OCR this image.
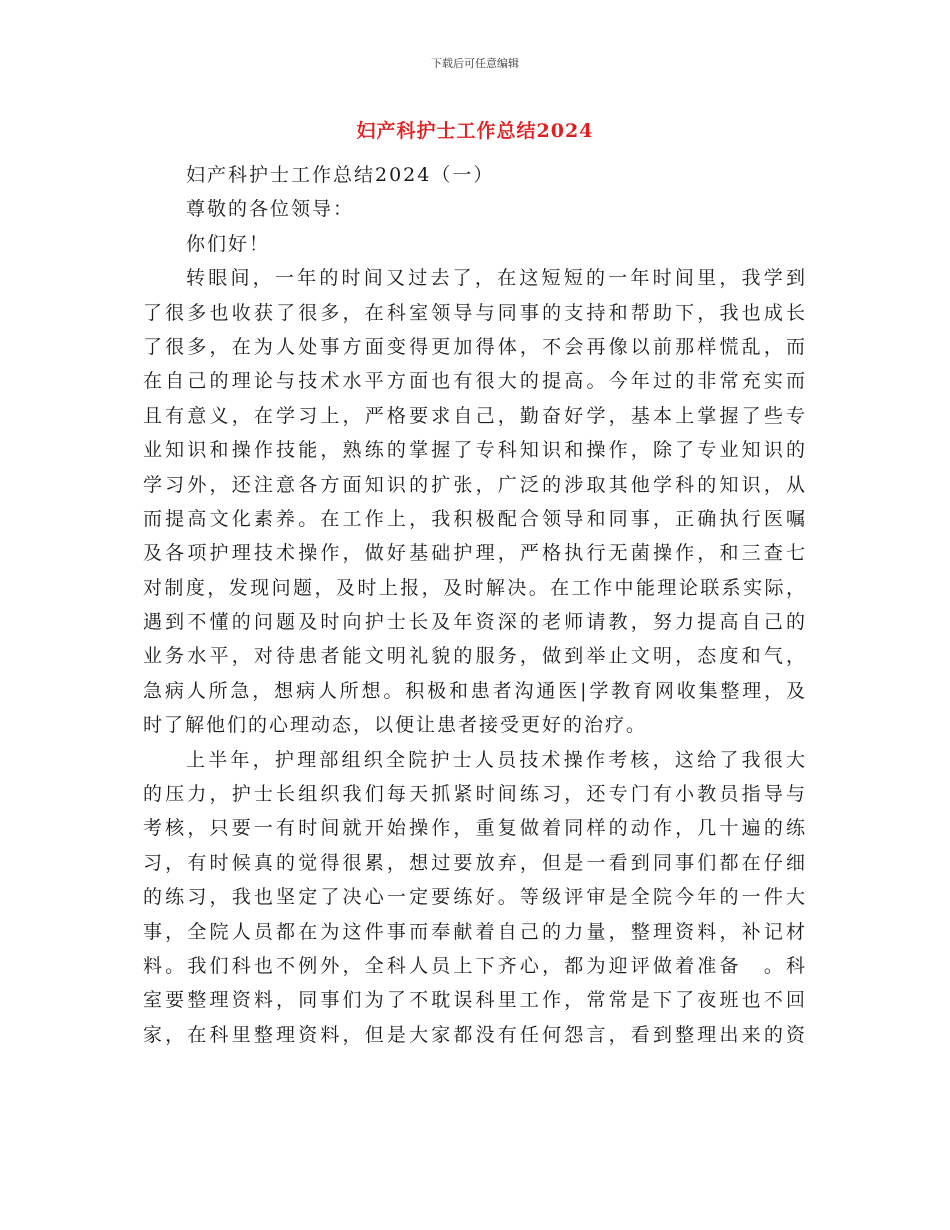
下载后可任意编辑
妇产科护士工作总结2024
妇产科护士工作总结2024（一）
尊敬的各位领导：
你们好！
转眼间，一年的时间又过去了，在这短短的一年时间里，我学到
了很多也收获了很多，在科室领导与同事的支持和帮助下，我也成长
了很多，在为人处事方面变得更加得体，不会再像以前那样慌乱，而
在自己的理论与技术水平方面也有很大的提高。今年过的非常充实而
且有意义，在学习上，严格要求自己，勤奋好学，基本上掌握了些专
业知识和操作技能，熟练的掌握了专科知识和操作，除了专业知识的
学习外，还注意各方面知识的扩张，广泛的涉取其他学科的知识，从
而提高文化素养。在工作上，我积极配合领导和同事，正确执行医嘱
及各项护理技术操作，做好基础护理，严格执行无菌操作，和三查七
对制度，发现问题，及时上报，及时解决。在工作中能理论联系实际，
遇到不懂的问题及时向护士长及年资深的老师请教，努力提高自己的
业务水平，对待患者能文明礼貌的服务，做到举止文明，态度和气，
急病人所急，想病人所想。积极和患者沟通医|学教育网收集整理，及
时了解他们的心理动态，以便让患者接受更好的治疗。
上半年，护理部组织全院护士人员技术操作考核，这给了我很大
的压力，护士长组织我们每天抓紧时间练习，还专门有小教员指导与
考核，只要一有时间就开始操作，重复做着同样的动作，几十遍的练
习，有时候真的觉得很累，想过要放弃，但是一看到同事们都在仔细
的练习，我也坚定了决心一定要练好。等级评审是全院今年的一件大
事，全院人员都在为这件事而奉献着自己的力量，整理资料，补记材
料。我们科也不例外，全科人员上下齐心，都为迎评做着准备　。科
室要整理资料，同事们为了不耽误科里工作，常常是下了夜班也不回
家，在科里整理资料，但是大家都没有任何怨言，看到整理出来的资
